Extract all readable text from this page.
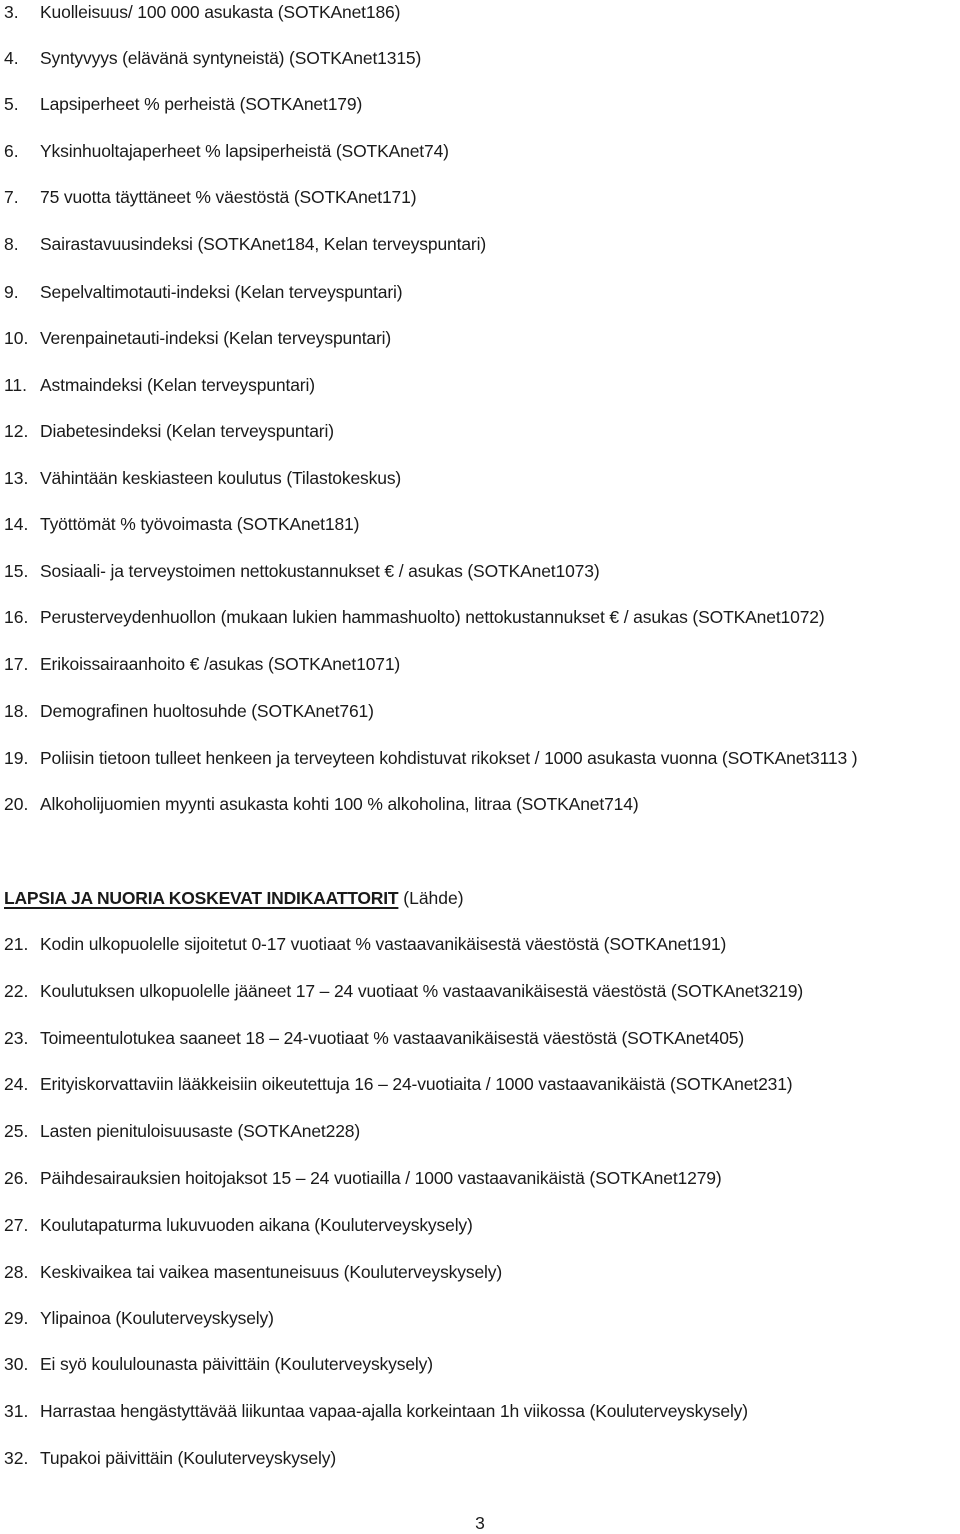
3.	Kuolleisuus/ 100 000 asukasta (SOTKAnet186)
4.	Syntyvyys (elävänä syntyneistä) (SOTKAnet1315)
5.	Lapsiperheet % perheistä (SOTKAnet179)
6.	Yksinhuoltajaperheet % lapsiperheistä (SOTKAnet74)
7.	75 vuotta täyttäneet % väestöstä (SOTKAnet171)
8.	Sairastavuusindeksi (SOTKAnet184, Kelan terveyspuntari)
9.	Sepelvaltimotauti-indeksi (Kelan terveyspuntari)
10. Verenpainetauti-indeksi (Kelan terveyspuntari)
11. Astmaindeksi (Kelan terveyspuntari)
12. Diabetesindeksi (Kelan terveyspuntari)
13. Vähintään keskiasteen koulutus (Tilastokeskus)
14. Työttömät % työvoimasta (SOTKAnet181)
15. Sosiaali- ja terveystoimen nettokustannukset € / asukas (SOTKAnet1073)
16. Perusterveydenhuollon (mukaan lukien hammashuolto) nettokustannukset € / asukas (SOTKAnet1072)
17. Erikoissairaanhoito € /asukas (SOTKAnet1071)
18. Demografinen huoltosuhde (SOTKAnet761)
19. Poliisin tietoon tulleet henkeen ja terveyteen kohdistuvat rikokset / 1000 asukasta vuonna (SOTKAnet3113 )
20. Alkoholijuomien myynti asukasta kohti 100 % alkoholina, litraa (SOTKAnet714)
LAPSIA JA NUORIA KOSKEVAT INDIKAATTORIT (Lähde)
21. Kodin ulkopuolelle sijoitetut 0-17 vuotiaat % vastaavanikäisestä väestöstä (SOTKAnet191)
22. Koulutuksen ulkopuolelle jääneet 17 – 24 vuotiaat % vastaavanikäisestä väestöstä (SOTKAnet3219)
23. Toimeentulotukea saaneet 18 – 24-vuotiaat % vastaavanikäisestä väestöstä (SOTKAnet405)
24. Erityiskorvattaviin lääkkeisiin oikeutettuja 16 – 24-vuotiaita / 1000 vastaavanikäistä (SOTKAnet231)
25. Lasten pienituloisuusaste (SOTKAnet228)
26. Päihdesairauksien hoitojaksot 15 – 24 vuotiailla / 1000 vastaavanikäistä (SOTKAnet1279)
27. Koulutapaturma lukuvuoden aikana (Kouluterveyskysely)
28. Keskivaikea tai vaikea masentuneisuus (Kouluterveyskysely)
29. Ylipainoa (Kouluterveyskysely)
30. Ei syö koululounasta päivittäin (Kouluterveyskysely)
31. Harrastaa hengästyttävää liikuntaa vapaa-ajalla korkeintaan 1h viikossa (Kouluterveyskysely)
32. Tupakoi päivittäin (Kouluterveyskysely)
3
